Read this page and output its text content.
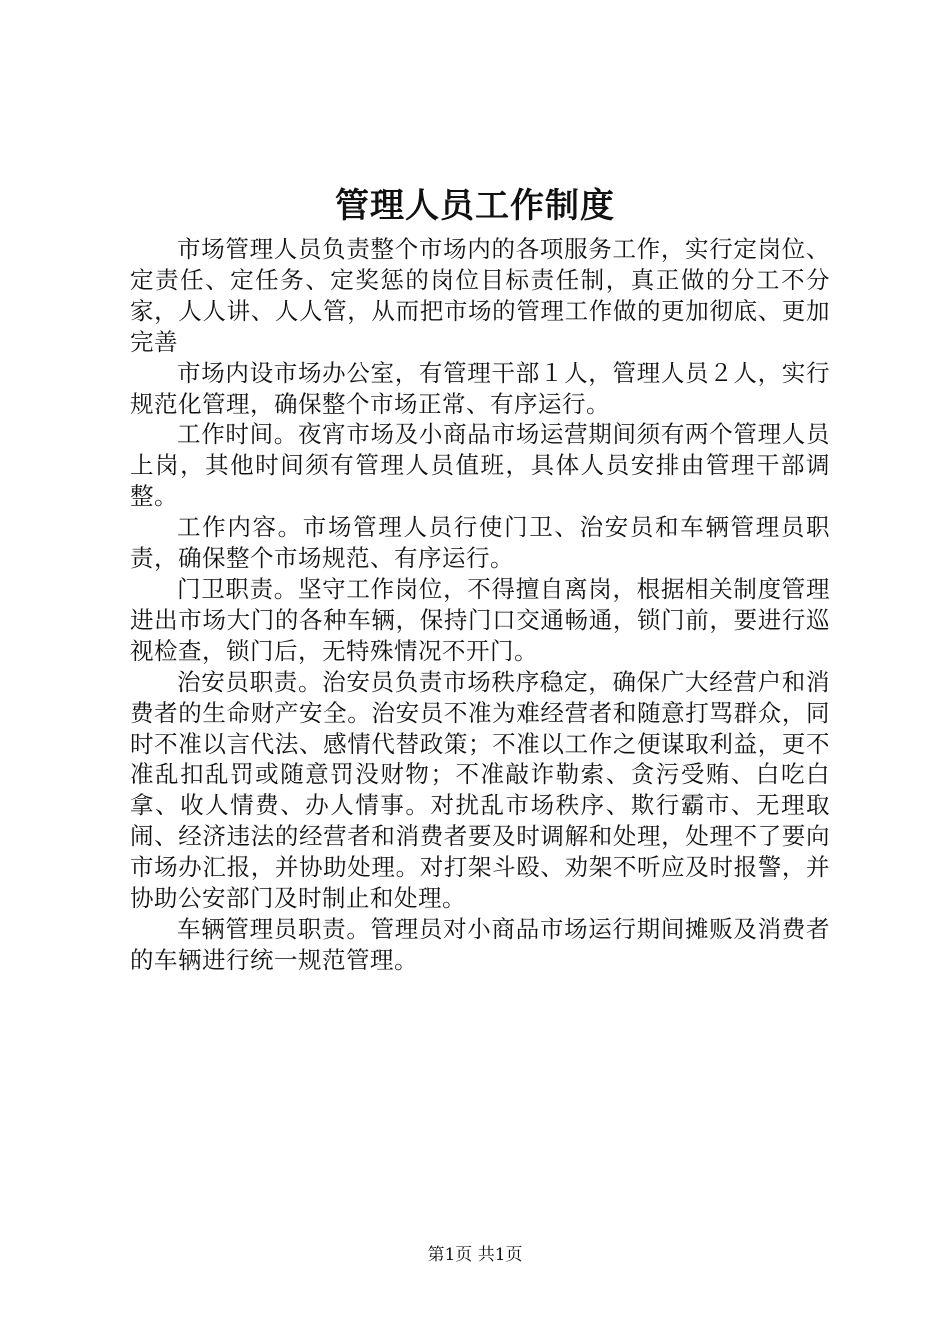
管理人员工作制度

市场管理人员负责整个市场内的各项服务工作，实行定岗位、定责任、定任务、定奖惩的岗位目标责任制，真正做的分工不分家，人人讲、人人管，从而把市场的管理工作做的更加彻底、更加完善

市场内设市场办公室，有管理干部１人，管理人员２人，实行规范化管理，确保整个市场正常、有序运行。

工作时间。夜宵市场及小商品市场运营期间须有两个管理人员上岗，其他时间须有管理人员值班，具体人员安排由管理干部调整。

工作内容。市场管理人员行使门卫、治安员和车辆管理员职责，确保整个市场规范、有序运行。

门卫职责。坚守工作岗位，不得擅自离岗，根据相关制度管理进出市场大门的各种车辆，保持门口交通畅通，锁门前，要进行巡视检查，锁门后，无特殊情况不开门。

治安员职责。治安员负责市场秩序稳定，确保广大经营户和消费者的生命财产安全。治安员不准为难经营者和随意打骂群众，同时不准以言代法、感情代替政策；不准以工作之便谋取利益，更不准乱扣乱罚或随意罚没财物；不准敲诈勒索、贪污受贿、白吃白拿、收人情费、办人情事。对扰乱市场秩序、欺行霸市、无理取闹、经济违法的经营者和消费者要及时调解和处理，处理不了要向市场办汇报，并协助处理。对打架斗殴、劝架不听应及时报警，并协助公安部门及时制止和处理。

车辆管理员职责。管理员对小商品市场运行期间摊贩及消费者的车辆进行统一规范管理。

第1页 共1页
